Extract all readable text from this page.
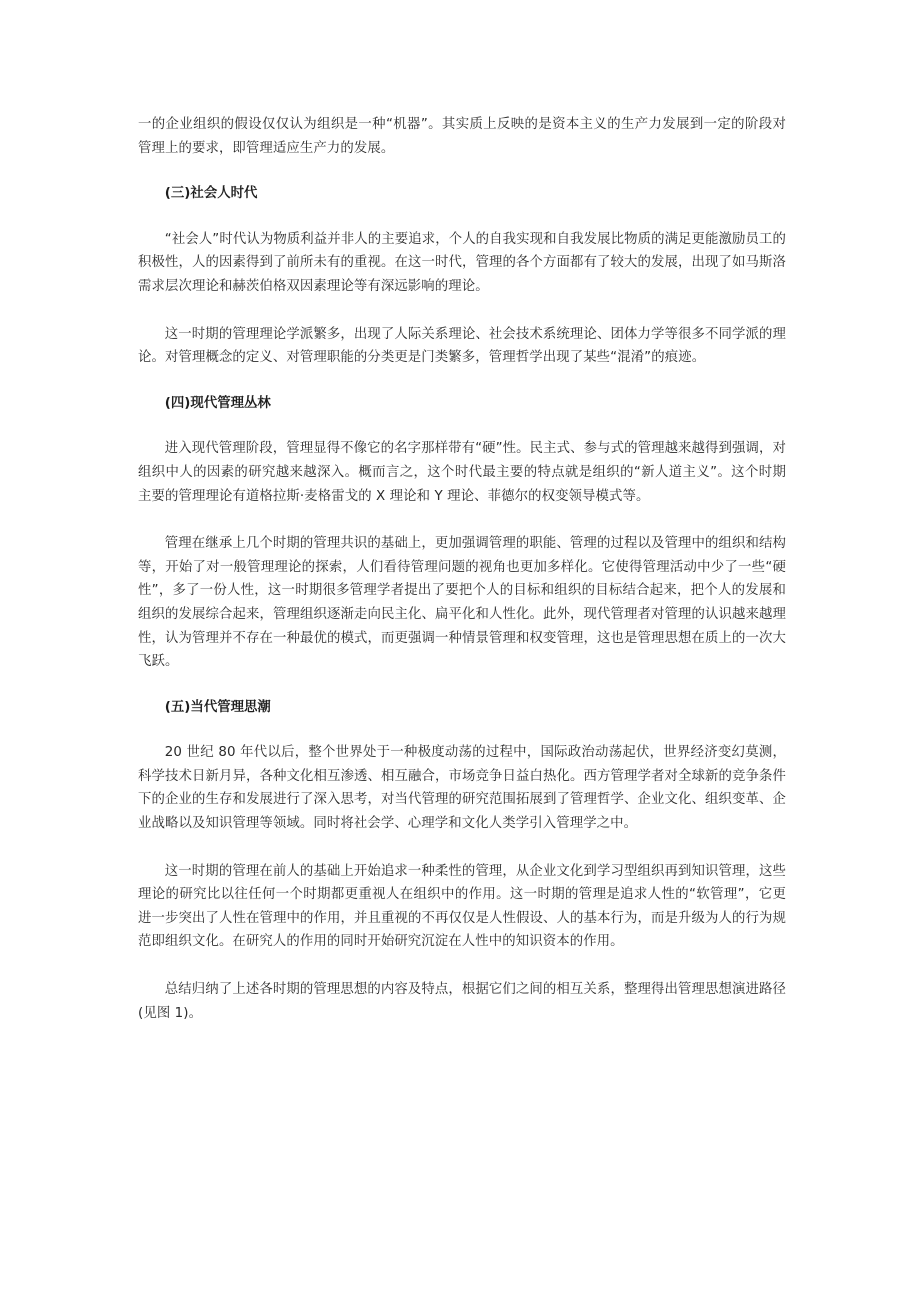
一的企业组织的假设仅仅认为组织是一种“机器”。其实质上反映的是资本主义的生产力发展到一定的阶段对管理上的要求，即管理适应生产力的发展。

(三)社会人时代

“社会人”时代认为物质利益并非人的主要追求，个人的自我实现和自我发展比物质的满足更能激励员工的积极性，人的因素得到了前所未有的重视。在这一时代，管理的各个方面都有了较大的发展，出现了如马斯洛需求层次理论和赫茨伯格双因素理论等有深远影响的理论。

这一时期的管理理论学派繁多，出现了人际关系理论、社会技术系统理论、团体力学等很多不同学派的理论。对管理概念的定义、对管理职能的分类更是门类繁多，管理哲学出现了某些“混淆”的痕迹。

(四)现代管理丛林

进入现代管理阶段，管理显得不像它的名字那样带有“硬”性。民主式、参与式的管理越来越得到强调，对组织中人的因素的研究越来越深入。概而言之，这个时代最主要的特点就是组织的“新人道主义”。这个时期主要的管理理论有道格拉斯·麦格雷戈的 X 理论和 Y 理论、菲德尔的权变领导模式等。

管理在继承上几个时期的管理共识的基础上，更加强调管理的职能、管理的过程以及管理中的组织和结构等，开始了对一般管理理论的探索，人们看待管理问题的视角也更加多样化。它使得管理活动中少了一些“硬性”，多了一份人性，这一时期很多管理学者提出了要把个人的目标和组织的目标结合起来，把个人的发展和组织的发展综合起来，管理组织逐渐走向民主化、扁平化和人性化。此外，现代管理者对管理的认识越来越理性，认为管理并不存在一种最优的模式，而更强调一种情景管理和权变管理，这也是管理思想在质上的一次大飞跃。

(五)当代管理思潮

20 世纪 80 年代以后，整个世界处于一种极度动荡的过程中，国际政治动荡起伏，世界经济变幻莫测，科学技术日新月异，各种文化相互渗透、相互融合，市场竞争日益白热化。西方管理学者对全球新的竞争条件下的企业的生存和发展进行了深入思考，对当代管理的研究范围拓展到了管理哲学、企业文化、组织变革、企业战略以及知识管理等领域。同时将社会学、心理学和文化人类学引入管理学之中。

这一时期的管理在前人的基础上开始追求一种柔性的管理，从企业文化到学习型组织再到知识管理，这些理论的研究比以往任何一个时期都更重视人在组织中的作用。这一时期的管理是追求人性的“软管理”，它更进一步突出了人性在管理中的作用，并且重视的不再仅仅是人性假设、人的基本行为，而是升级为人的行为规范即组织文化。在研究人的作用的同时开始研究沉淀在人性中的知识资本的作用。

总结归纳了上述各时期的管理思想的内容及特点，根据它们之间的相互关系，整理得出管理思想演进路径(见图 1)。
